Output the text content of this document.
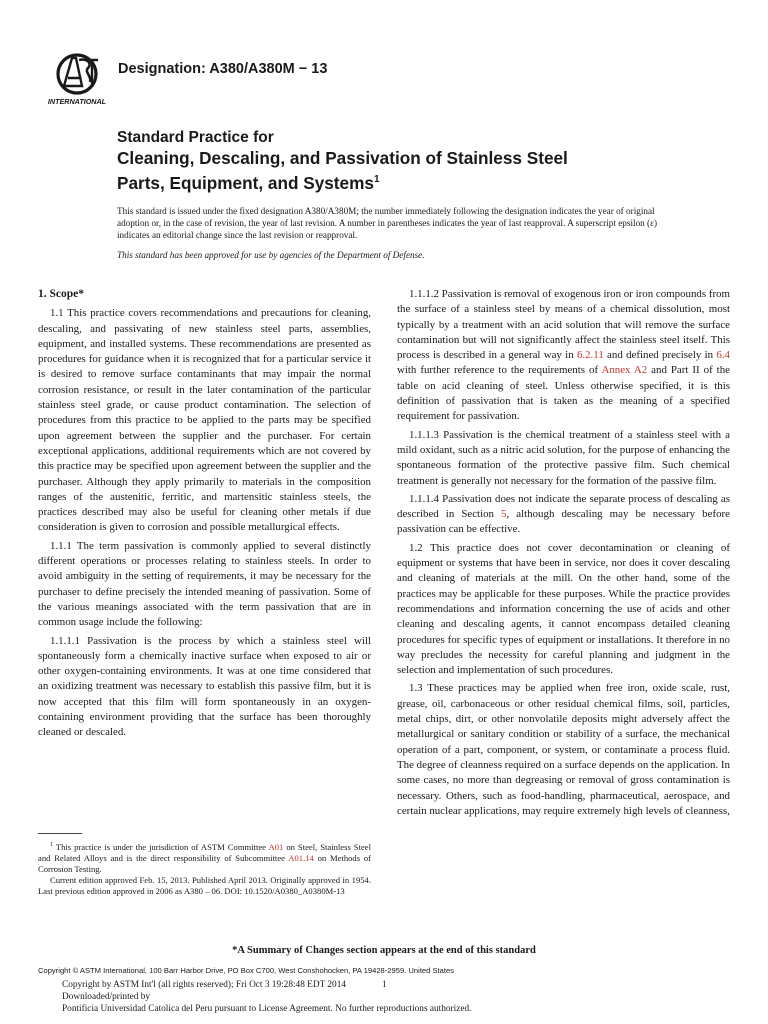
INTERNATIONAL
Designation: A380/A380M − 13
Standard Practice for
Cleaning, Descaling, and Passivation of Stainless Steel
Parts, Equipment, and Systems$^1$
This standard is issued under the fixed designation A380/A380M; the number immediately following the designation indicates the year of original adoption or, in the case of revision, the year of last revision. A number in parentheses indicates the year of last reapproval. A superscript epsilon (ε) indicates an editorial change since the last revision or reapproval.
This standard has been approved for use by agencies of the Department of Defense.
1. Scope*

1.1 This practice covers recommendations and precautions for cleaning, descaling, and passivating of new stainless steel parts, assemblies, equipment, and installed systems. These recommendations are presented as procedures for guidance when it is recognized that for a particular service it is desired to remove surface contaminants that may impair the normal corrosion resistance, or result in the later contamination of the particular stainless steel grade, or cause product contamination. The selection of procedures from this practice to be applied to the parts may be specified upon agreement between the supplier and the purchaser. For certain exceptional applications, additional requirements which are not covered by this practice may be specified upon agreement between the supplier and the purchaser. Although they apply primarily to materials in the composition ranges of the austenitic, ferritic, and martensitic stainless steels, the practices described may also be useful for cleaning other metals if due consideration is given to corrosion and possible metallurgical effects.

1.1.1 The term passivation is commonly applied to several distinctly different operations or processes relating to stainless steels. In order to avoid ambiguity in the setting of requirements, it may be necessary for the purchaser to define precisely the intended meaning of passivation. Some of the various meanings associated with the term passivation that are in common usage include the following:

1.1.1.1 Passivation is the process by which a stainless steel will spontaneously form a chemically inactive surface when exposed to air or other oxygen-containing environments. It was at one time considered that an oxidizing treatment was necessary to establish this passive film, but it is now accepted that this film will form spontaneously in an oxygen-containing environment providing that the surface has been thoroughly cleaned or descaled.

1.1.1.2 Passivation is removal of exogenous iron or iron compounds from the surface of a stainless steel by means of a chemical dissolution, most typically by a treatment with an acid solution that will remove the surface contamination but will not significantly affect the stainless steel itself. This process is described in a general way in 6.2.11 and defined precisely in 6.4 with further reference to the requirements of Annex A2 and Part II of the table on acid cleaning of steel. Unless otherwise specified, it is this definition of passivation that is taken as the meaning of a specified requirement for passivation.

1.1.1.3 Passivation is the chemical treatment of a stainless steel with a mild oxidant, such as a nitric acid solution, for the purpose of enhancing the spontaneous formation of the protective passive film. Such chemical treatment is generally not necessary for the formation of the passive film.

1.1.1.4 Passivation does not indicate the separate process of descaling as described in Section 5, although descaling may be necessary before passivation can be effective.

1.2 This practice does not cover decontamination or cleaning of equipment or systems that have been in service, nor does it cover descaling and cleaning of materials at the mill. On the other hand, some of the practices may be applicable for these purposes. While the practice provides recommendations and information concerning the use of acids and other cleaning and descaling agents, it cannot encompass detailed cleaning procedures for specific types of equipment or installations. It therefore in no way precludes the necessity for careful planning and judgment in the selection and implementation of such procedures.

1.3 These practices may be applied when free iron, oxide scale, rust, grease, oil, carbonaceous or other residual chemical films, soil, particles, metal chips, dirt, or other nonvolatile deposits might adversely affect the metallurgical or sanitary condition or stability of a surface, the mechanical operation of a part, component, or system, or contaminate a process fluid. The degree of cleanness required on a surface depends on the application. In some cases, no more than degreasing or removal of gross contamination is necessary. Others, such as food-handling, pharmaceutical, aerospace, and certain nuclear applications, may require extremely high levels of cleanness,

$^1$ This practice is under the jurisdiction of ASTM Committee A01 on Steel, Stainless Steel and Related Alloys and is the direct responsibility of Subcommittee A01.14 on Methods of Corrosion Testing.

Current edition approved Feb. 15, 2013. Published April 2013. Originally approved in 1954. Last previous edition approved in 2006 as A380 – 06. DOI: 10.1520/A0380_A0380M-13

*A Summary of Changes section appears at the end of this standard
Copyright © ASTM International, 100 Barr Harbor Drive, PO Box C700, West Conshohocken, PA 19428-2959. United States
Copyright by ASTM Int'l (all rights reserved); Fri Oct 3 19:28:48 EDT 2014
Downloaded/printed by
Pontificia Universidad Catolica del Peru pursuant to License Agreement. No further reproductions authorized.
1
